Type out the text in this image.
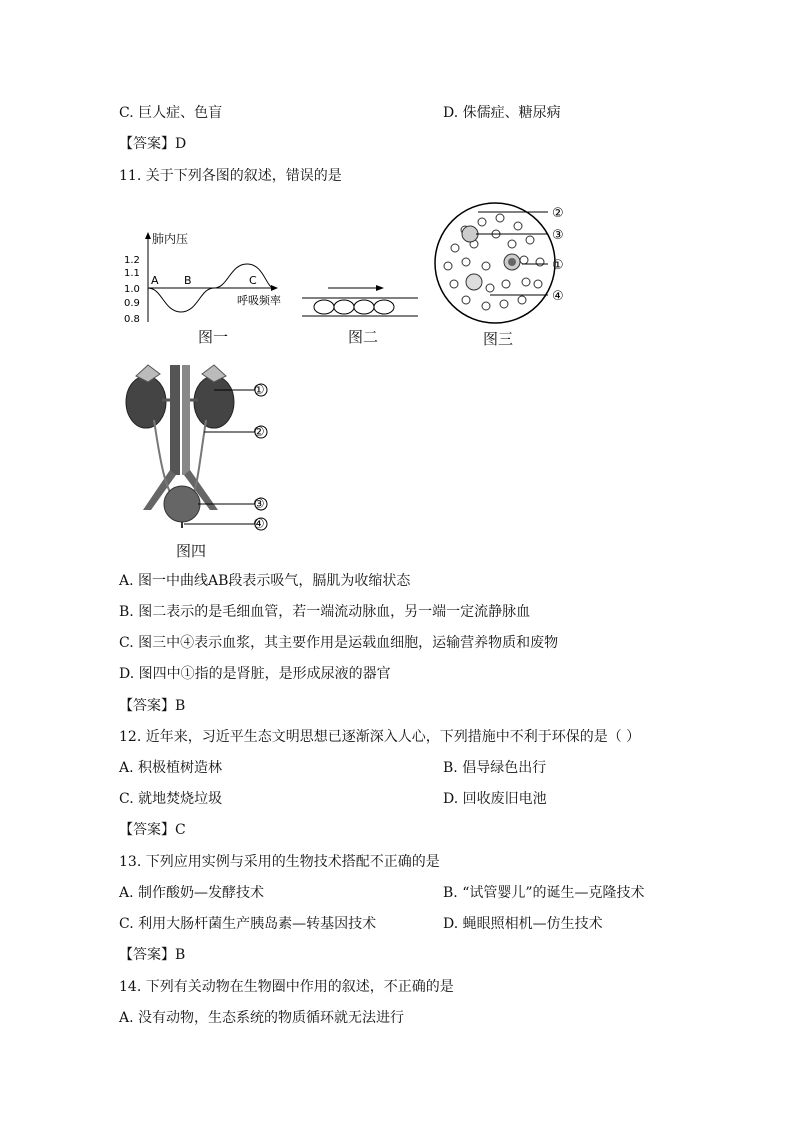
C. 巨人症、色盲	D. 侏儒症、糖尿病
【答案】D
11. 关于下列各图的叙述，错误的是
1.2
1.1
1.0
0.9
0.8
A B	C
呼吸频率
肺内压
图一	图二
②
③
①
④
图三
①
②
③
④
图四
A. 图一中曲线AB段表示吸气，膈肌为收缩状态
B. 图二表示的是毛细血管，若一端流动脉血，另一端一定流静脉血
C. 图三中④表示血浆，其主要作用是运载血细胞，运输营养物质和废物
D. 图四中①指的是肾脏，是形成尿液的器官
【答案】B
12. 近年来，习近平生态文明思想已逐渐深入人心，下列措施中不利于环保的是（ ）
A. 积极植树造林	B. 倡导绿色出行
C. 就地焚烧垃圾	D. 回收废旧电池
【答案】C
13. 下列应用实例与采用的生物技术搭配不正确的是
A. 制作酸奶—发酵技术	B. “试管婴儿”的诞生—克隆技术
C. 利用大肠杆菌生产胰岛素—转基因技术	D. 蝇眼照相机—仿生技术
【答案】B
14. 下列有关动物在生物圈中作用的叙述，不正确的是
A. 没有动物，生态系统的物质循环就无法进行
